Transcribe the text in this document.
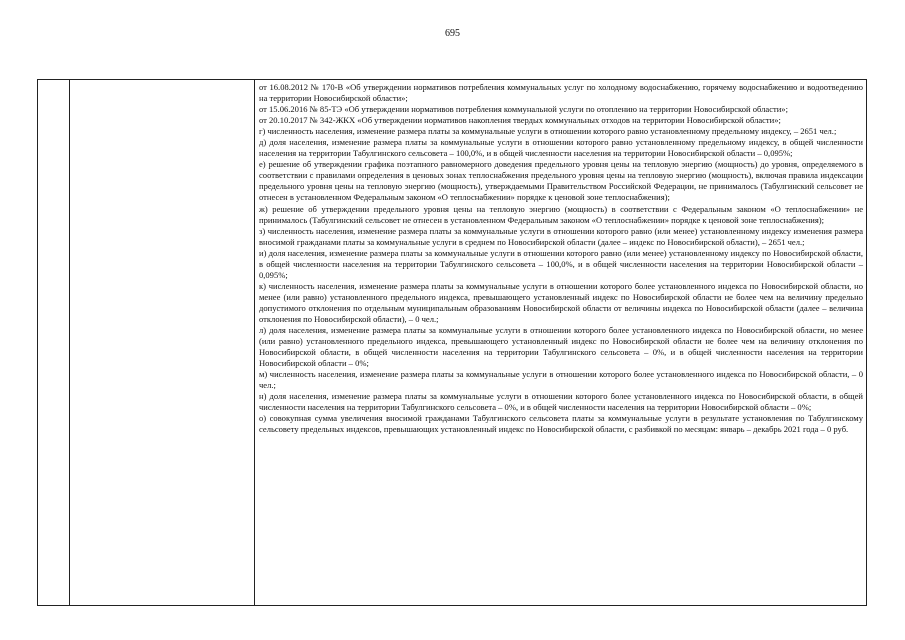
695

от 16.08.2012 № 170-В «Об утверждении нормативов потребления коммунальных услуг по холодному водоснабжению, горячему водоснабжению и водоотведению на территории Новосибирской области»;

от 15.06.2016 № 85-ТЭ «Об утверждении нормативов потребления коммунальной услуги по отоплению на территории Новосибирской области»;

от 20.10.2017 № 342-ЖКХ «Об утверждении нормативов накопления твердых коммунальных отходов на территории Новосибирской области»;

г) численность населения, изменение размера платы за коммунальные услуги в отношении которого равно установленному предельному индексу, – 2651 чел.;

д) доля населения, изменение размера платы за коммунальные услуги в отношении которого равно установленному предельному индексу, в общей численности населения на территории Табулгинского сельсовета – 100,0%, и в общей численности населения на территории Новосибирской области – 0,095%;

е) решение об утверждении графика поэтапного равномерного доведения предельного уровня цены на тепловую энергию (мощность) до уровня, определяемого в соответствии с правилами определения в ценовых зонах теплоснабжения предельного уровня цены на тепловую энергию (мощность), включая правила индексации предельного уровня цены на тепловую энергию (мощность), утверждаемыми Правительством Российской Федерации, не принималось (Табулгинский сельсовет не отнесен в установленном Федеральным законом «О теплоснабжении» порядке к ценовой зоне теплоснабжения);

ж) решение об утверждении предельного уровня цены на тепловую энергию (мощность) в соответствии с Федеральным законом «О теплоснабжении» не принималось (Табулгинский сельсовет не отнесен в установленном Федеральным законом «О теплоснабжении» порядке к ценовой зоне теплоснабжения);

з) численность населения, изменение размера платы за коммунальные услуги в отношении которого равно (или менее) установленному индексу изменения размера вносимой гражданами платы за коммунальные услуги в среднем по Новосибирской области (далее – индекс по Новосибирской области), – 2651 чел.;

и) доля населения, изменение размера платы за коммунальные услуги в отношении которого равно (или менее) установленному индексу по Новосибирской области, в общей численности населения на территории Табулгинского сельсовета – 100,0%, и в общей численности населения на территории Новосибирской области – 0,095%;

к) численность населения, изменение размера платы за коммунальные услуги в отношении которого более установленного индекса по Новосибирской области, но менее (или равно) установленного предельного индекса, превышающего установленный индекс по Новосибирской области не более чем на величину предельно допустимого отклонения по отдельным муниципальным образованиям Новосибирской области от величины индекса по Новосибирской области (далее – величина отклонения по Новосибирской области), – 0 чел.;

л) доля населения, изменение размера платы за коммунальные услуги в отношении которого более установленного индекса по Новосибирской области, но менее (или равно) установленного предельного индекса, превышающего установленный индекс по Новосибирской области не более чем на величину отклонения по Новосибирской области, в общей численности населения на территории Табулгинского сельсовета – 0%, и в общей численности населения на территории Новосибирской области – 0%;

м) численность населения, изменение размера платы за коммунальные услуги в отношении которого более установленного индекса по Новосибирской области, – 0 чел.;

н) доля населения, изменение размера платы за коммунальные услуги в отношении которого более установленного индекса по Новосибирской области, в общей численности населения на территории Табулгинского сельсовета – 0%, и в общей численности населения на территории Новосибирской области – 0%;

о) совокупная сумма увеличения вносимой гражданами Табулгинского сельсовета платы за коммунальные услуги в результате установления по Табулгинскому сельсовету предельных индексов, превышающих установленный индекс по Новосибирской области, с разбивкой по месяцам: январь – декабрь 2021 года – 0 руб.
